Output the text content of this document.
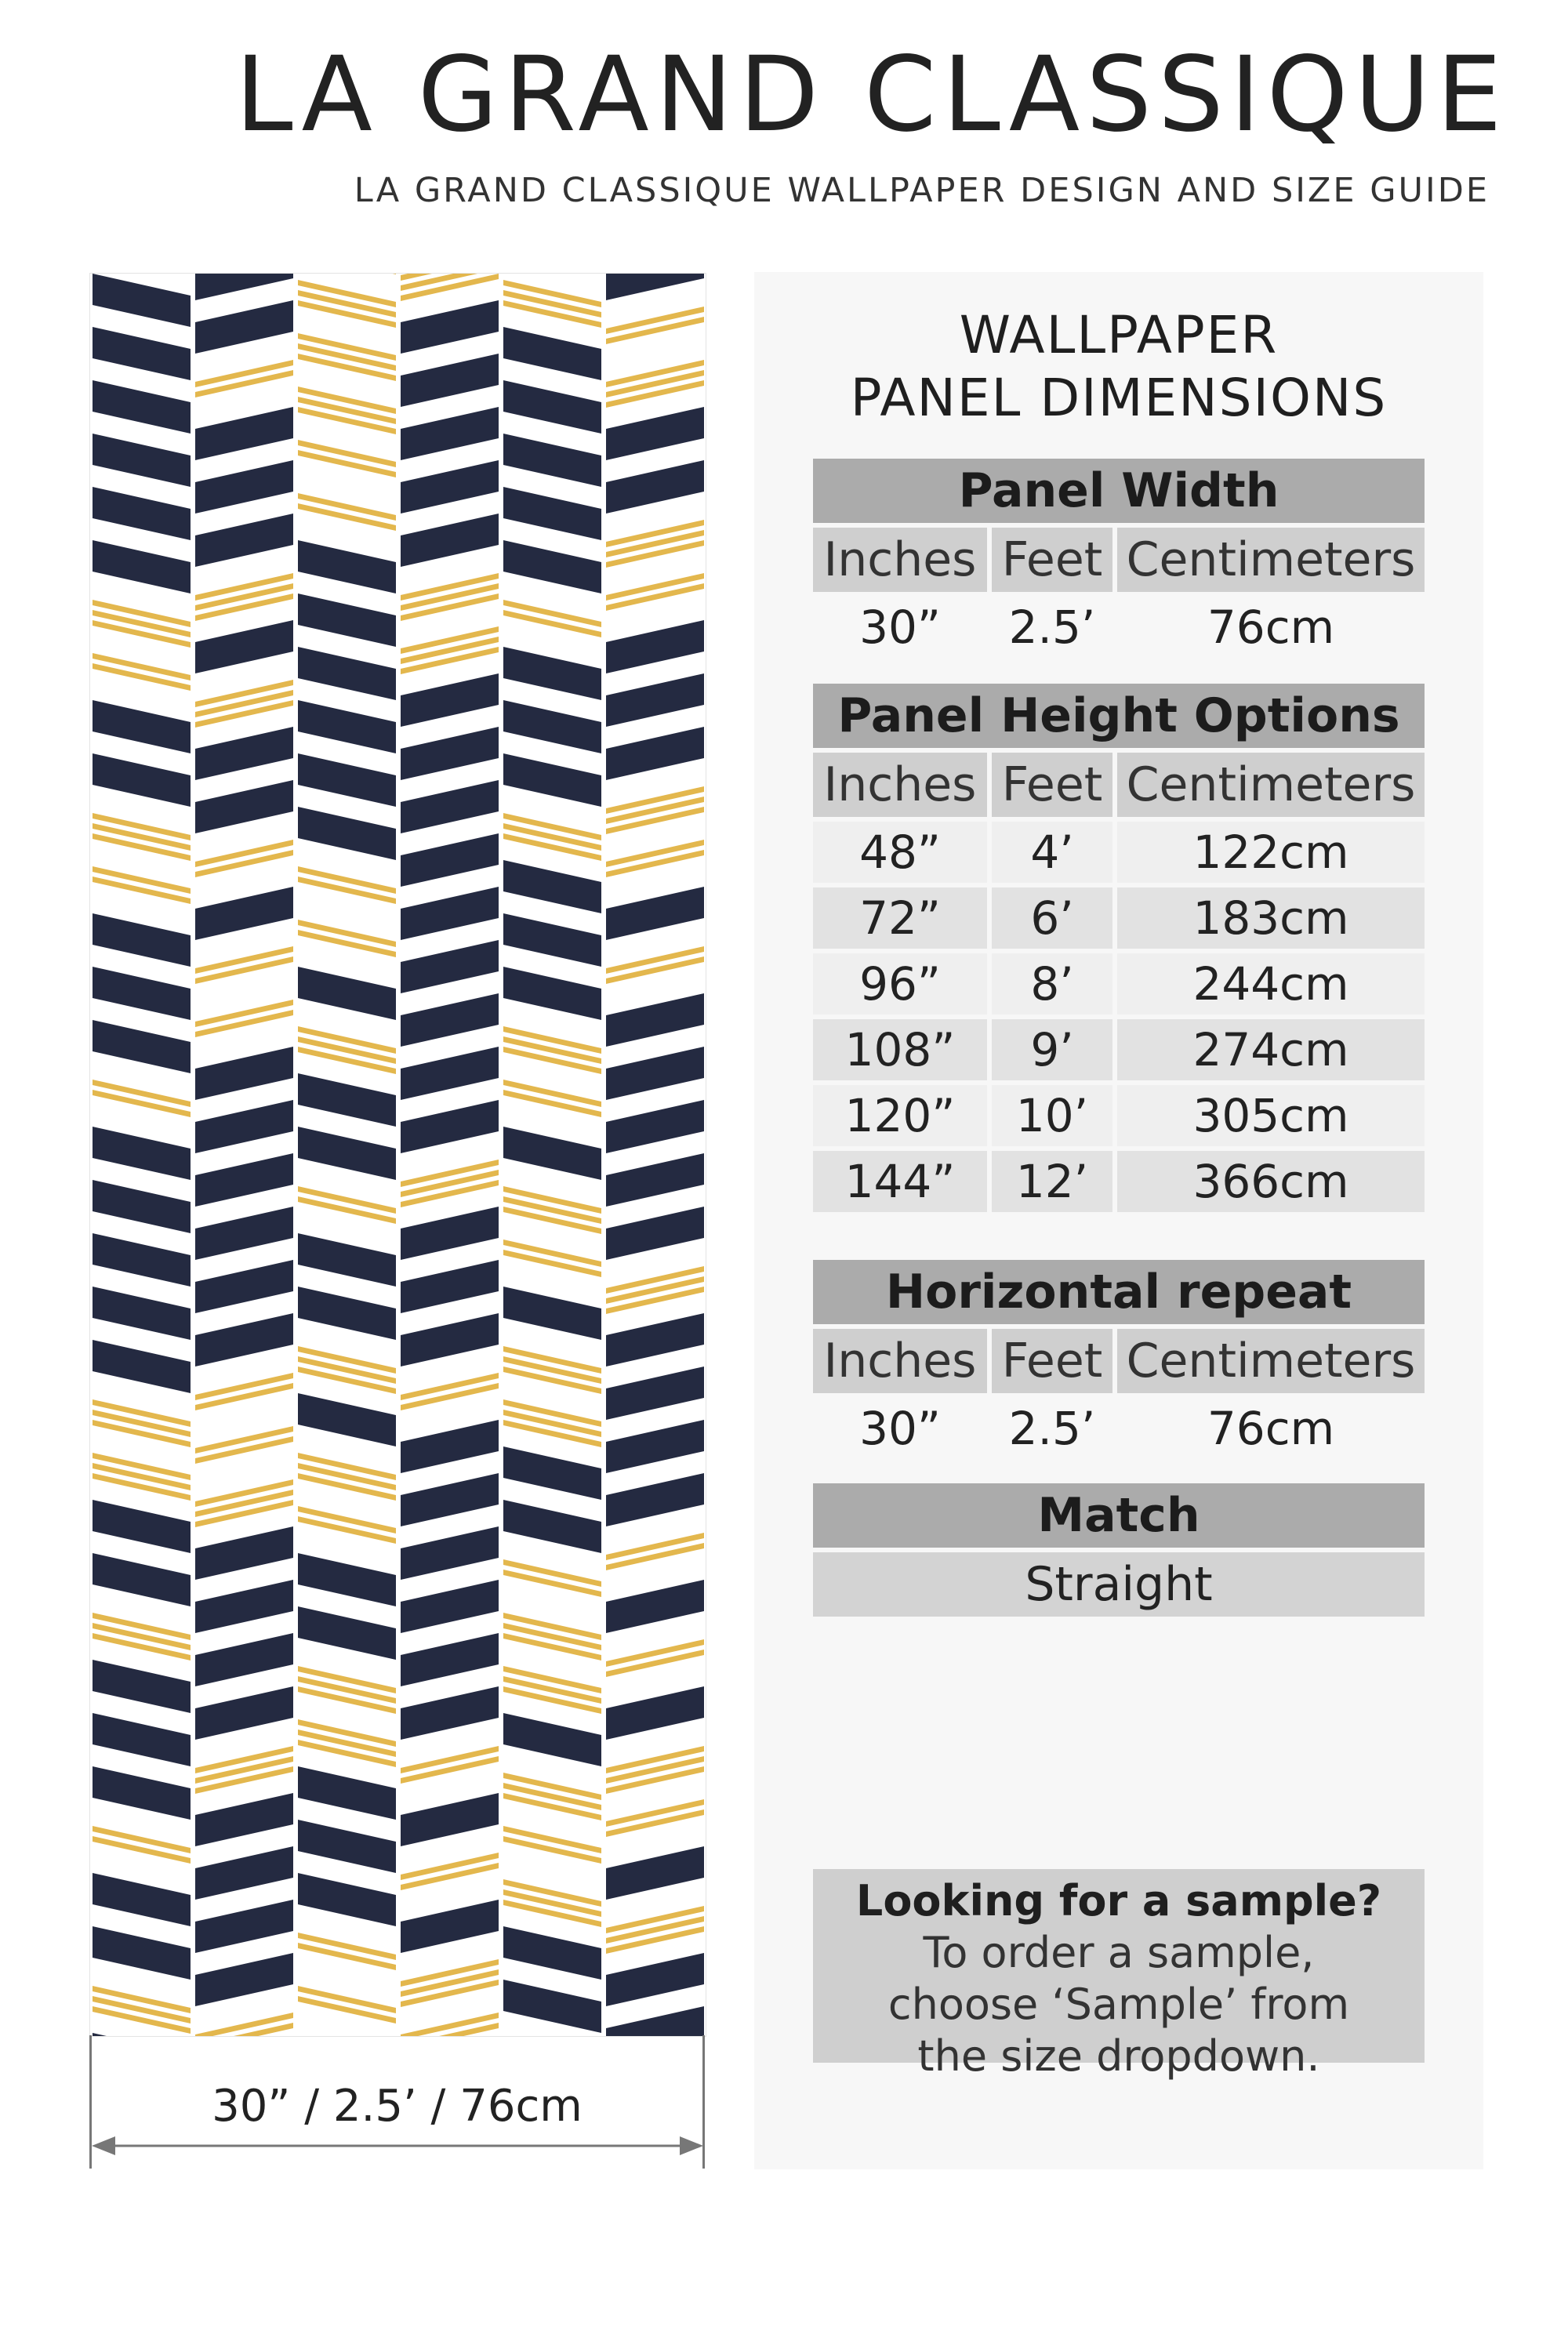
LA GRAND CLASSIQUE
LA GRAND CLASSIQUE WALLPAPER DESIGN AND SIZE GUIDE
30” / 2.5’ / 76cm
WALLPAPER
PANEL DIMENSIONS
Panel Width
Inches Feet Centimeters
30”	2.5’	76cm
Panel Height Options
Inches Feet Centimeters
48”	4’	122cm
72”	6’	183cm
96”	8’	244cm
108”	9’	274cm
120”	10’	305cm
144”	12’	366cm
Horizontal repeat
Inches Feet Centimeters
30”	2.5’	76cm
Match
Straight
Looking for a sample?
To order a sample,
choose ‘Sample’ from
the size dropdown.
